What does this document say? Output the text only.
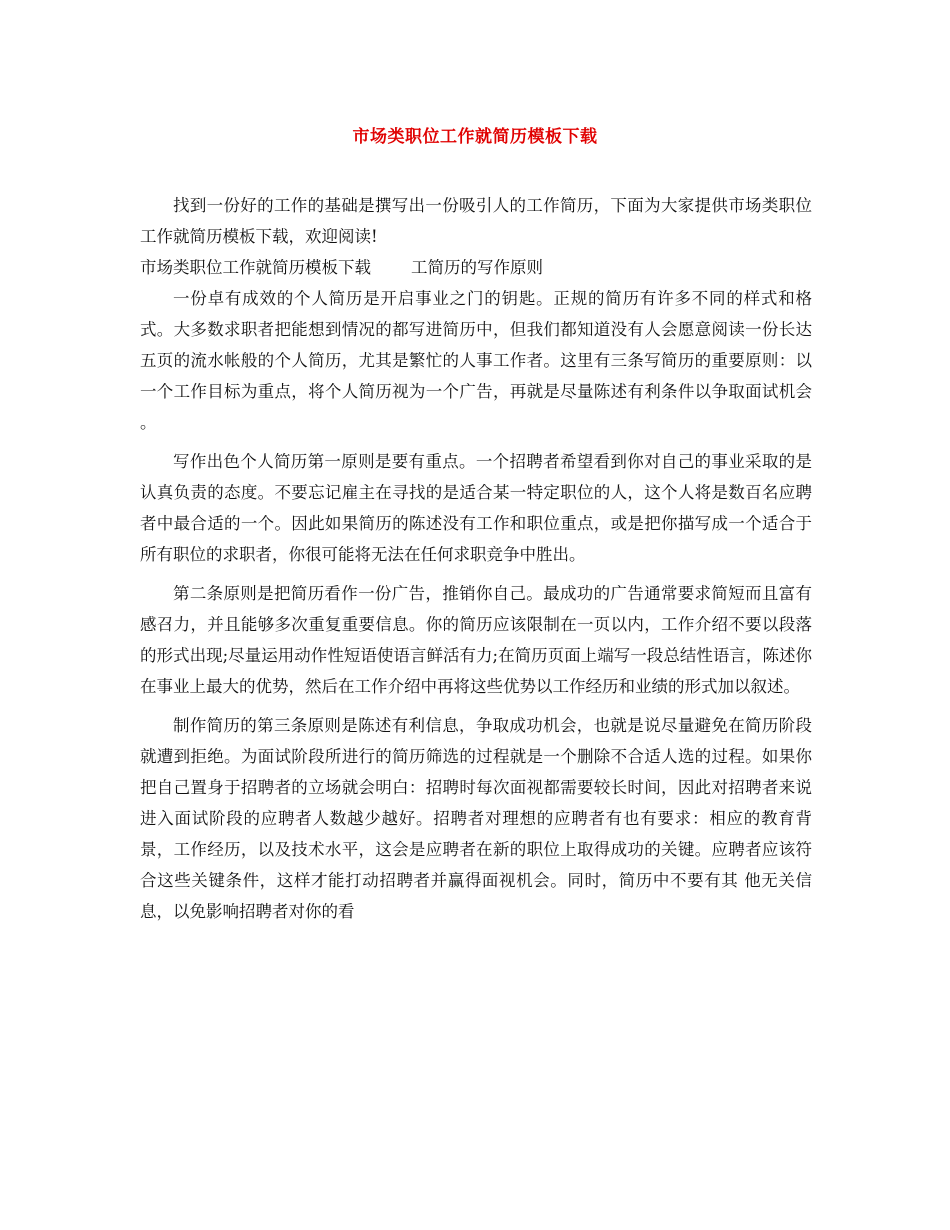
市场类职位工作就简历模板下载

找到一份好的工作的基础是撰写出一份吸引人的工作简历，下面为大家提供市场类职位工作就简历模板下载，欢迎阅读!

市场类职位工作就简历模板下载 工简历的写作原则

一份卓有成效的个人简历是开启事业之门的钥匙。正规的简历有许多不同的样式和格式。大多数求职者把能想到情况的都写进简历中，但我们都知道没有人会愿意阅读一份长达五页的流水帐般的个人简历，尤其是繁忙的人事工作者。这里有三条写简历的重要原则：以一个工作目标为重点，将个人简历视为一个广告，再就是尽量陈述有利条件以争取面试机会 。

写作出色个人简历第一原则是要有重点。一个招聘者希望看到你对自己的事业采取的是认真负责的态度。不要忘记雇主在寻找的是适合某一特定职位的人，这个人将是数百名应聘者中最合适的一个。因此如果简历的陈述没有工作和职位重点，或是把你描写成一个适合于所有职位的求职者，你很可能将无法在任何求职竞争中胜出。

第二条原则是把简历看作一份广告，推销你自己。最成功的广告通常要求简短而且富有感召力，并且能够多次重复重要信息。你的简历应该限制在一页以内，工作介绍不要以段落的形式出现;尽量运用动作性短语使语言鲜活有力;在简历页面上端写一段总结性语言，陈述你在事业上最大的优势，然后在工作介绍中再将这些优势以工作经历和业绩的形式加以叙述。

制作简历的第三条原则是陈述有利信息，争取成功机会，也就是说尽量避免在简历阶段就遭到拒绝。为面试阶段所进行的简历筛选的过程就是一个删除不合适人选的过程。如果你把自己置身于招聘者的立场就会明白：招聘时每次面视都需要较长时间，因此对招聘者来说进入面试阶段的应聘者人数越少越好。招聘者对理想的应聘者有也有要求：相应的教育背景，工作经历，以及技术水平，这会是应聘者在新的职位上取得成功的关键。应聘者应该符合这些关键条件，这样才能打动招聘者并赢得面视机会。同时，简历中不要有其 他无关信息，以免影响招聘者对你的看
